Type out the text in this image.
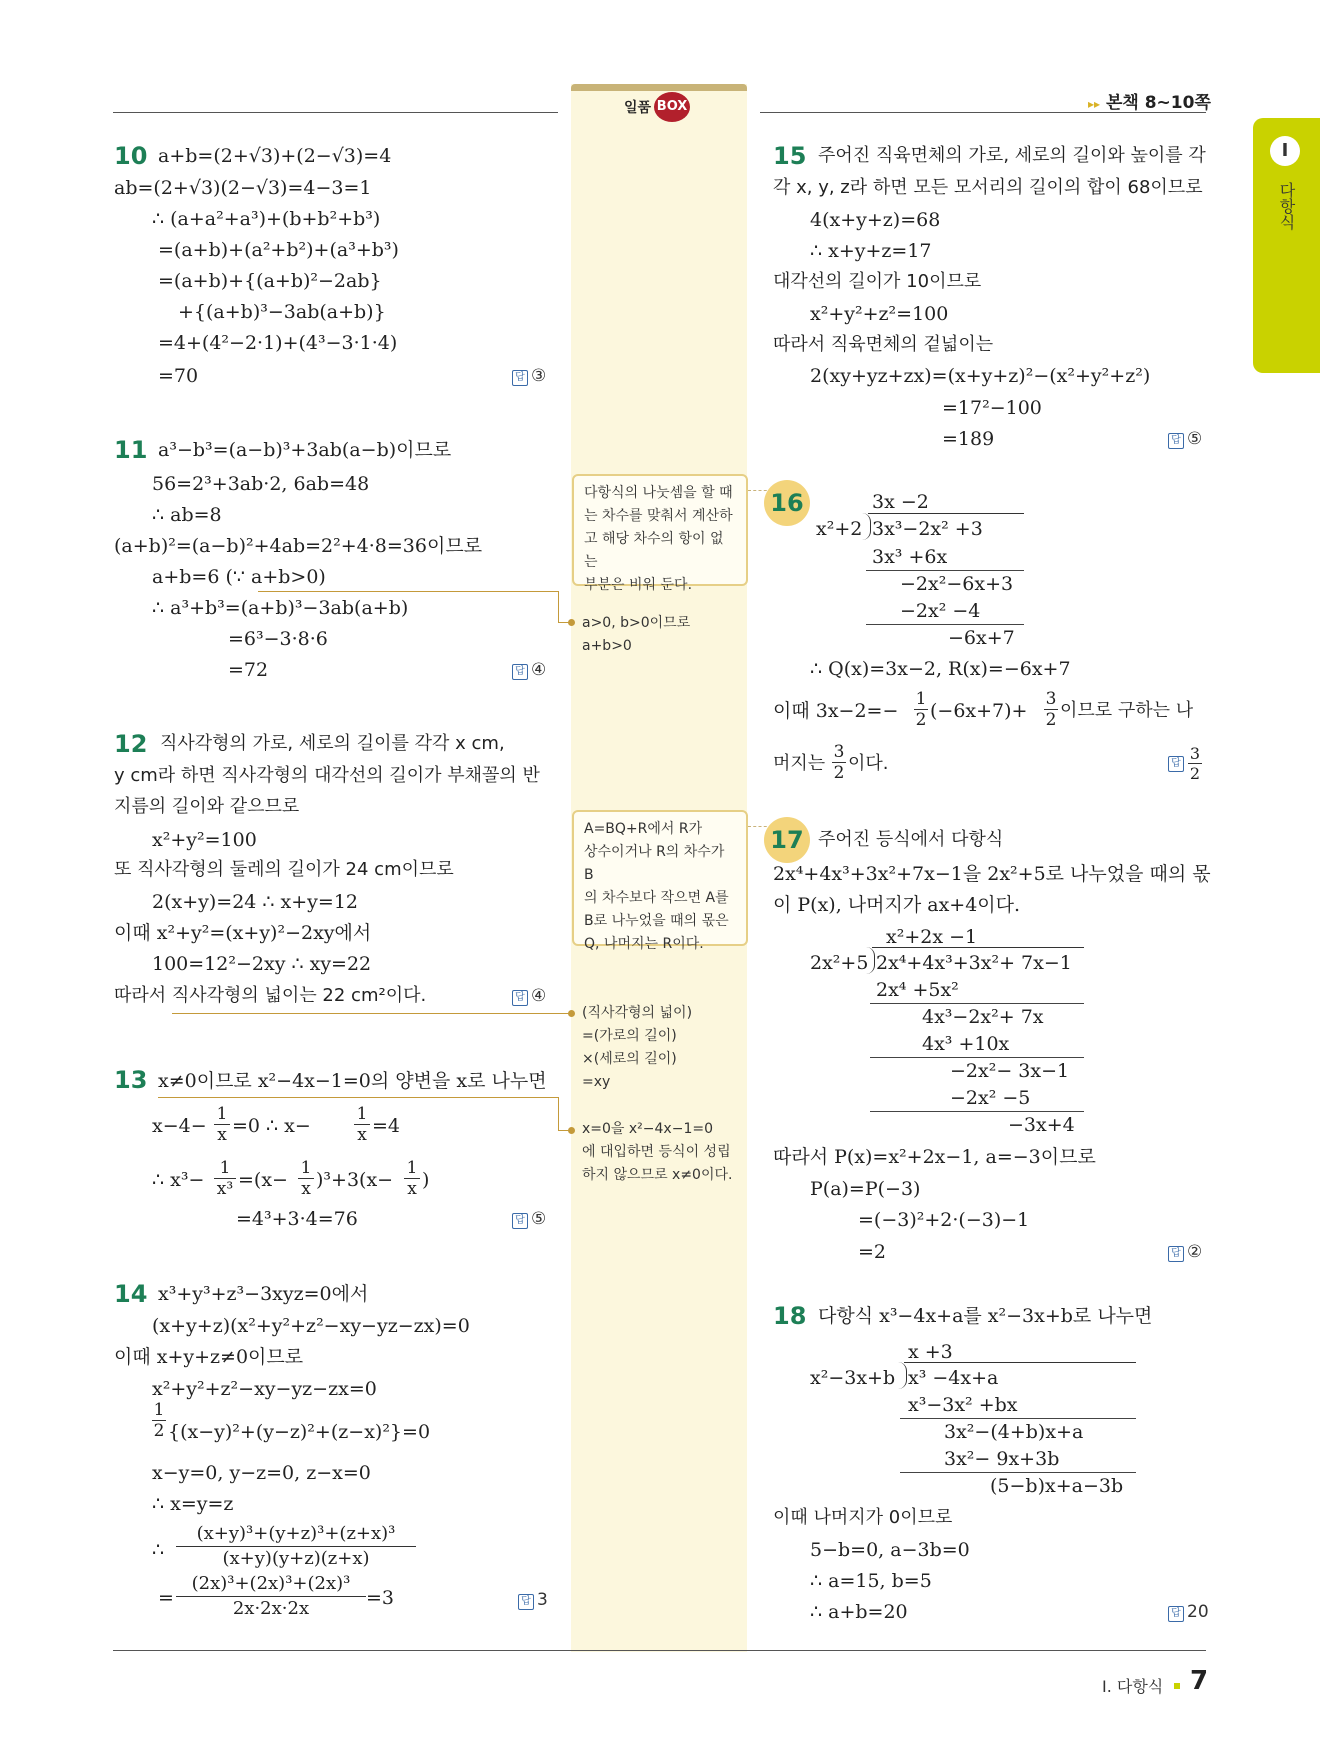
일품 BOX	▸▸ 본책 8~10쪽
I
다항식
10 a+b=(2+√3)+(2−√3)=4
ab=(2+√3)(2−√3)=4−3=1
∴ (a+a²+a³)+(b+b²+b³)
=(a+b)+(a²+b²)+(a³+b³)
=(a+b)+{(a+b)²−2ab}
+{(a+b)³−3ab(a+b)}
=4+(4²−2·1)+(4³−3·1·4)
=70	답 ③
11 a³−b³=(a−b)³+3ab(a−b)이므로
56=2³+3ab·2, 6ab=48
∴ ab=8
(a+b)²=(a−b)²+4ab=2²+4·8=36이므로
a+b=6 (∵ a+b>0)
∴ a³+b³=(a+b)³−3ab(a+b)
=6³−3·8·6
=72	답 ④
12 직사각형의 가로, 세로의 길이를 각각 x cm,
y cm라 하면 직사각형의 대각선의 길이가 부채꼴의 반
지름의 길이와 같으므로
x²+y²=100
또 직사각형의 둘레의 길이가 24 cm이므로
2(x+y)=24 ∴ x+y=12
이때 x²+y²=(x+y)²−2xy에서
100=12²−2xy ∴ xy=22
따라서 직사각형의 넓이는 22 cm²이다.	답 ④
13 x≠0이므로 x²−4x−1=0의 양변을 x로 나누면
x−4−
1
x =0 ∴ x−
1
x =4
∴ x³−
1
x³ =(x−
1
x )³+3(x−
1
x )
=4³+3·4=76	답 ⑤
14 x³+y³+z³−3xyz=0에서
(x+y+z)(x²+y²+z²−xy−yz−zx)=0
이때 x+y+z≠0이므로
x²+y²+z²−xy−yz−zx=0
1
2 {(x−y)²+(y−z)²+(z−x)²}=0
x−y=0, y−z=0, z−x=0
∴ x=y=z
∴
(x+y)³+(y+z)³+(z+x)³
(x+y)(y+z)(z+x)
=
(2x)³+(2x)³+(2x)³
2x·2x·2x	=3	답 3
다항식의 나눗셈을 할 때
는 차수를 맞춰서 계산하
고 해당 차수의 항이 없는
부분은 비워 둔다.
a>0, b>0이므로
a+b>0
A=BQ+R에서 R가
상수이거나 R의 차수가 B
의 차수보다 작으면 A를
B로 나누었을 때의 몫은
Q, 나머지는 R이다.
(직사각형의 넓이)
=(가로의 길이)
×(세로의 길이)
=xy
x=0을 x²−4x−1=0
에 대입하면 등식이 성립
하지 않으므로 x≠0이다.
15 주어진 직육면체의 가로, 세로의 길이와 높이를 각
각 x, y, z라 하면 모든 모서리의 길이의 합이 68이므로
4(x+y+z)=68
∴ x+y+z=17
대각선의 길이가 10이므로
x²+y²+z²=100
따라서 직육면체의 겉넓이는
2(xy+yz+zx)=(x+y+z)²−(x²+y²+z²)
=17²−100
=189	답 ⑤
16	3x −2
x²+2 3x³−2x² +3
3x³ +6x
−2x²−6x+3
−2x² −4
−6x+7
∴ Q(x)=3x−2, R(x)=−6x+7
이때 3x−2=−
1
2 (−6x+7)+
3
2 이므로 구하는 나
머지는
3
2 이다.	답
3
2
17 주어진 등식에서 다항식
2x⁴+4x³+3x²+7x−1을 2x²+5로 나누었을 때의 몫
이 P(x), 나머지가 ax+4이다.
x²+2x −1
2x²+5 2x⁴+4x³+3x²+ 7x−1
2x⁴ +5x²
4x³−2x²+ 7x
4x³ +10x
−2x²− 3x−1
−2x² −5
−3x+4
따라서 P(x)=x²+2x−1, a=−3이므로
P(a)=P(−3)
=(−3)²+2·(−3)−1
=2	답 ②
18 다항식 x³−4x+a를 x²−3x+b로 나누면
x +3
x²−3x+b x³ −4x+a
x³−3x² +bx
3x²−(4+b)x+a
3x²− 9x+3b
(5−b)x+a−3b
이때 나머지가 0이므로
5−b=0, a−3b=0
∴ a=15, b=5
∴ a+b=20	답 20
Ⅰ. 다항식 7
